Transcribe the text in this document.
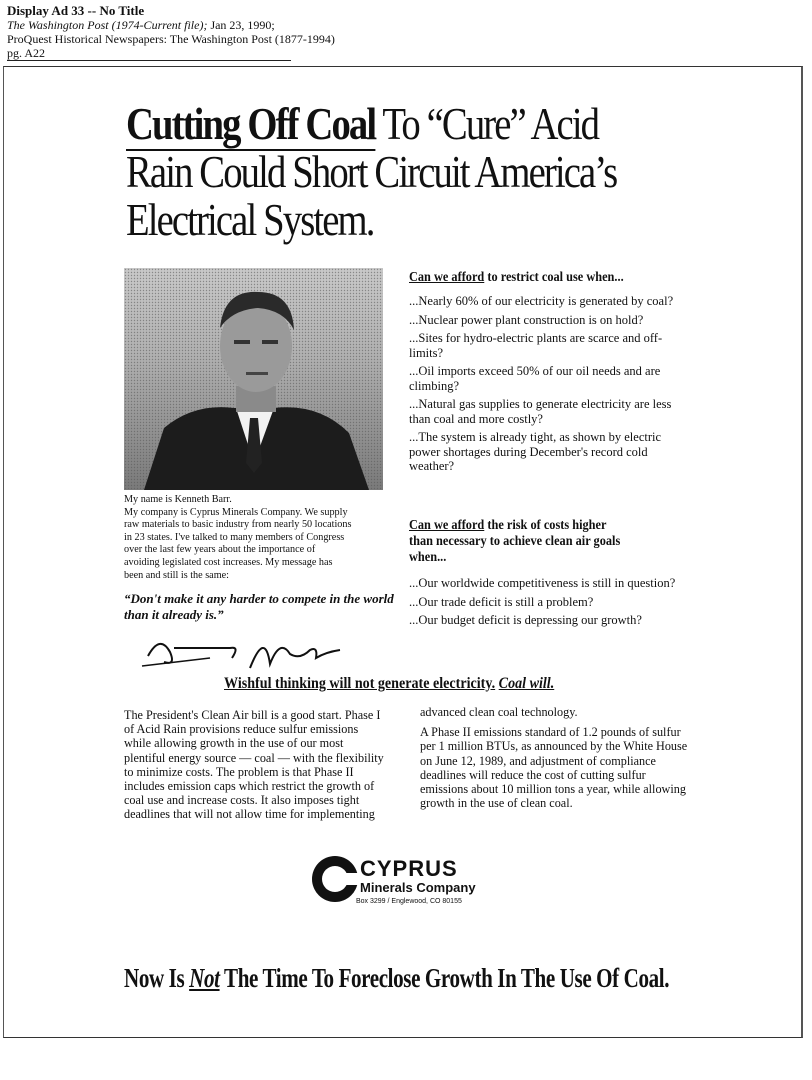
Display Ad 33 -- No Title
The Washington Post (1974-Current file); Jan 23, 1990;
ProQuest Historical Newspapers: The Washington Post (1877-1994)
pg. A22
Cutting Off Coal To “Cure” Acid
Rain Could Short Circuit America’s
Electrical System.
My name is Kenneth Barr.
My company is Cyprus Minerals Company. We supply
raw materials to basic industry from nearly 50 locations
in 23 states. I've talked to many members of Congress
over the last few years about the importance of
avoiding legislated cost increases. My message has
been and still is the same:
“Don't make it any harder to compete in the world than it already is.”
Can we afford to restrict coal use when...
...Nearly 60% of our electricity is generated by coal?
...Nuclear power plant construction is on hold?
...Sites for hydro-electric plants are scarce and off-limits?
...Oil imports exceed 50% of our oil needs and are climbing?
...Natural gas supplies to generate electricity are less than coal and more costly?
...The system is already tight, as shown by electric power shortages during December's record cold weather?
Can we afford the risk of costs higher than necessary to achieve clean air goals when...
...Our worldwide competitiveness is still in question?
...Our trade deficit is still a problem?
...Our budget deficit is depressing our growth?
Wishful thinking will not generate electricity. Coal will.
The President's Clean Air bill is a good start. Phase I of Acid Rain provisions reduce sulfur emissions while allowing growth in the use of our most plentiful energy source — coal — with the flexibility to minimize costs. The problem is that Phase II includes emission caps which restrict the growth of coal use and increase costs. It also imposes tight deadlines that will not allow time for implementing
advanced clean coal technology.
A Phase II emissions standard of 1.2 pounds of sulfur per 1 million BTUs, as announced by the White House on June 12, 1989, and adjustment of compliance deadlines will reduce the cost of cutting sulfur emissions about 10 million tons a year, while allowing growth in the use of clean coal.
CYPRUS
Minerals Company
Box 3299 / Englewood, CO 80155
Now Is Not The Time To Foreclose Growth In The Use Of Coal.
